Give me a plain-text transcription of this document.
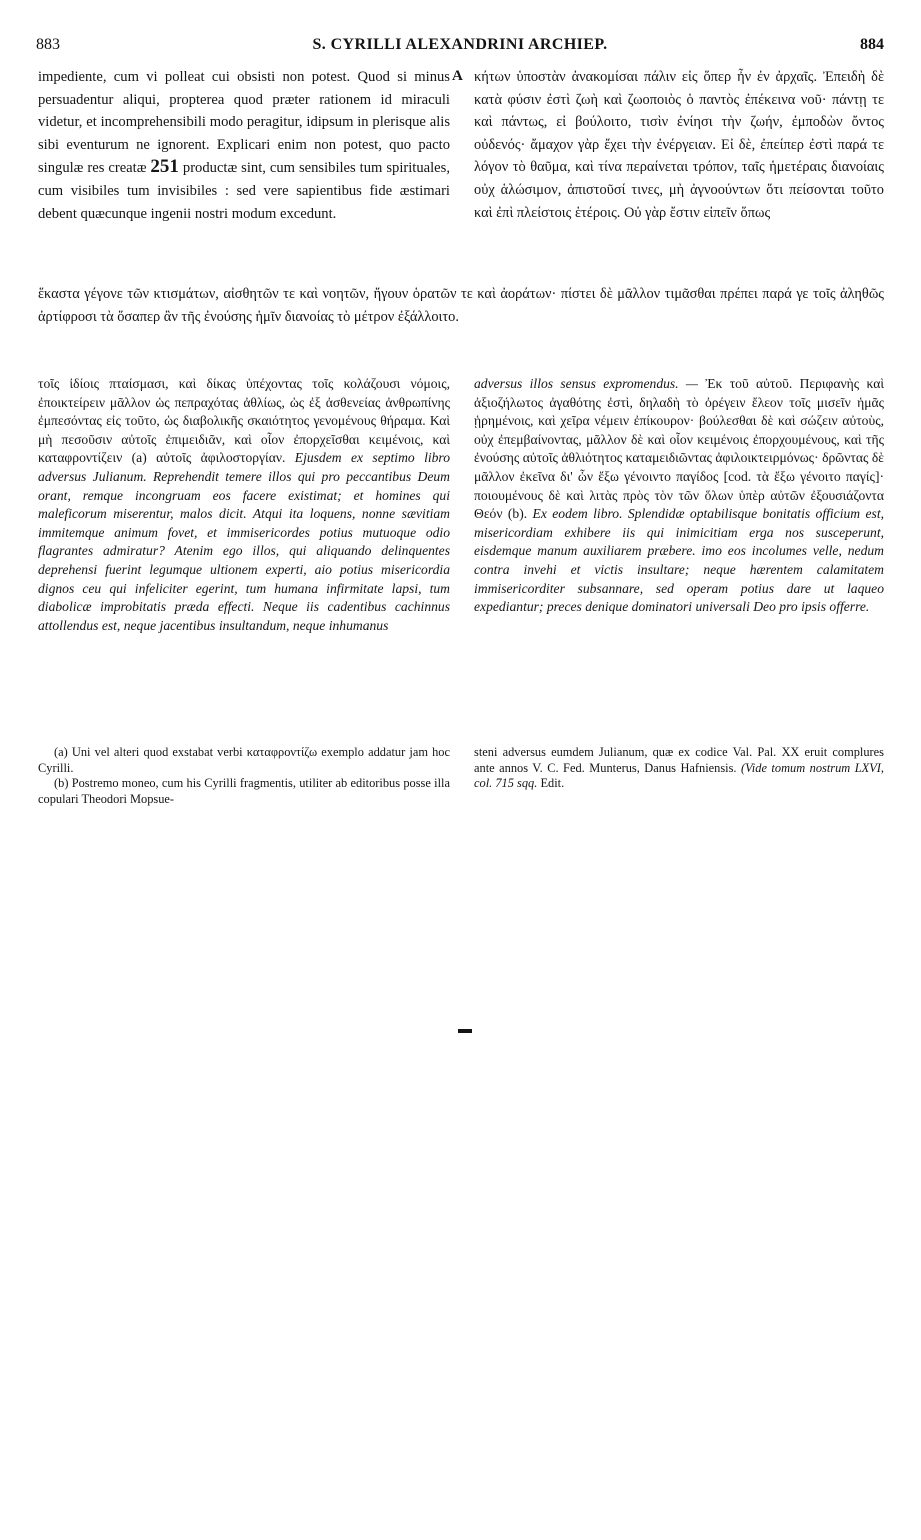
883	S. CYRILLI ALEXANDRINI ARCHIEP.	884

impediente, cum vi polleat cui obsisti non potest. Quod si minus persuadentur aliqui, propterea quod præter rationem id miraculi videtur, et incomprehensibili modo peragitur, idipsum in plerisque alis sibi eventurum ne ignorent. Explicari enim non potest, quo pacto singulæ res creatæ 251 productæ sint, cum sensibiles tum spirituales, cum visibiles tum invisibiles : sed vere sapientibus fide æstimari debent quæcunque ingenii nostri modum excedunt.

A κήτων ὑποστὰν ἀνακομίσαι πάλιν εἰς ὅπερ ἦν ἐν ἀρχαῖς. Ἐπειδὴ δὲ κατὰ φύσιν ἐστὶ ζωὴ καὶ ζωοποιὸς ὁ παντὸς ἐπέκεινα νοῦ· πάντῃ τε καὶ πάντως, εἰ βούλοιτο, τισὶν ἐνίησι τὴν ζωήν, ἐμποδὼν ὄντος οὐδενός· ἄμαχον γὰρ ἔχει τὴν ἐνέργειαν. Εἰ δὲ, ἐπείπερ ἐστὶ παρά τε λόγον τὸ θαῦμα, καὶ τίνα περαίνεται τρόπον, ταῖς ἡμετέραις διανοίαις οὐχ ἁλώσιμον, ἀπιστοῦσί τινες, μὴ ἀγνοούντων ὅτι πείσονται τοῦτο καὶ ἐπὶ πλείστοις ἑτέροις. Οὐ γὰρ ἔστιν εἰπεῖν ὅπως

ἕκαστα γέγονε τῶν κτισμάτων, αἰσθητῶν τε καὶ νοητῶν, ἤγουν ὁρατῶν τε καὶ ἀοράτων· πίστει δὲ μᾶλλον τιμᾶσθαι πρέπει παρά γε τοῖς ἀληθῶς ἀρτίφροσι τὰ ὅσαπερ ἂν τῆς ἐνούσης ἡμῖν διανοίας τὸ μέτρον ἐξάλλοιτο.

τοῖς ἰδίοις πταίσμασι, καὶ δίκας ὑπέχοντας τοῖς κολάζουσι νόμοις, ἐποικτείρειν μᾶλλον ὡς πεπραχότας ἀθλίως, ὡς ἐξ ἀσθενείας ἀνθρωπίνης ἐμπεσόντας εἰς τοῦτο, ὡς διαβολικῆς σκαιότητος γενομένους θήραμα. Καὶ μὴ πεσοῦσιν αὐτοῖς ἐπιμειδιᾶν, καὶ οἷον ἐπορχεῖσθαι κειμένοις, καὶ καταφροντίζειν (a) αὐτοῖς ἀφιλοστοργίαν. Ejusdem ex septimo libro adversus Julianum. Reprehendit temere illos qui pro peccantibus Deum orant, remque incongruam eos facere existimat; et homines qui maleficorum miserentur, malos dicit. Atqui ita loquens, nonne sævitiam immitemque animum fovet, et immisericordes potius mutuoque odio flagrantes admiratur? Atenim ego illos, qui aliquando delinquentes deprehensi fuerint legumque ultionem experti, aio potius misericordia dignos ceu qui infeliciter egerint, tum humana infirmitate lapsi, tum diabolicæ improbitatis præda effecti. Neque iis cadentibus cachinnus attollendus est, neque jacentibus insultandum, neque inhumanus

adversus illos sensus expromendus. — Ἐκ τοῦ αὐτοῦ. Περιφανὴς καὶ ἀξιοζήλωτος ἀγαθότης ἐστὶ, δηλαδὴ τὸ ὀρέγειν ἔλεον τοῖς μισεῖν ἡμᾶς ᾑρημένοις, καὶ χεῖρα νέμειν ἐπίκουρον· βούλεσθαι δὲ καὶ σώζειν αὐτοὺς, οὐχ ἐπεμβαίνοντας, μᾶλλον δὲ καὶ οἷον κειμένοις ἐπορχουμένους, καὶ τῆς ἐνούσης αὐτοῖς ἀθλιότητος καταμειδιῶντας ἀφιλοικτειρμόνως· δρῶντας δὲ μᾶλλον ἐκεῖνα δι' ὧν ἔξω γένοιντο παγίδος [cod. τὰ ἔξω γένοιτο παγίς]· ποιουμένους δὲ καὶ λιτὰς πρὸς τὸν τῶν ὅλων ὑπὲρ αὐτῶν ἐξουσιάζοντα Θεόν (b). Ex eodem libro. Splendidæ optabilisque bonitatis officium est, misericordiam exhibere iis qui inimicitiam erga nos susceperunt, eisdemque manum auxiliarem præbere. imo eos incolumes velle, nedum contra invehi et victis insultare; neque hærentem calamitatem immisericorditer subsannare, sed operam potius dare ut laqueo expediantur; preces denique dominatori universali Deo pro ipsis offerre.

(a) Uni vel alteri quod exstabat verbi καταφροντίζω exemplo addatur jam hoc Cyrilli.

(b) Postremo moneo, cum his Cyrilli fragmentis, utiliter ab editoribus posse illa copulari Theodori Mopsue-

steni adversus eumdem Julianum, quæ ex codice Val. Pal. XX eruit complures ante annos V. C. Fed. Munterus, Danus Hafniensis. (Vide tomum nostrum LXVI, col. 715 sqq. Edit.
